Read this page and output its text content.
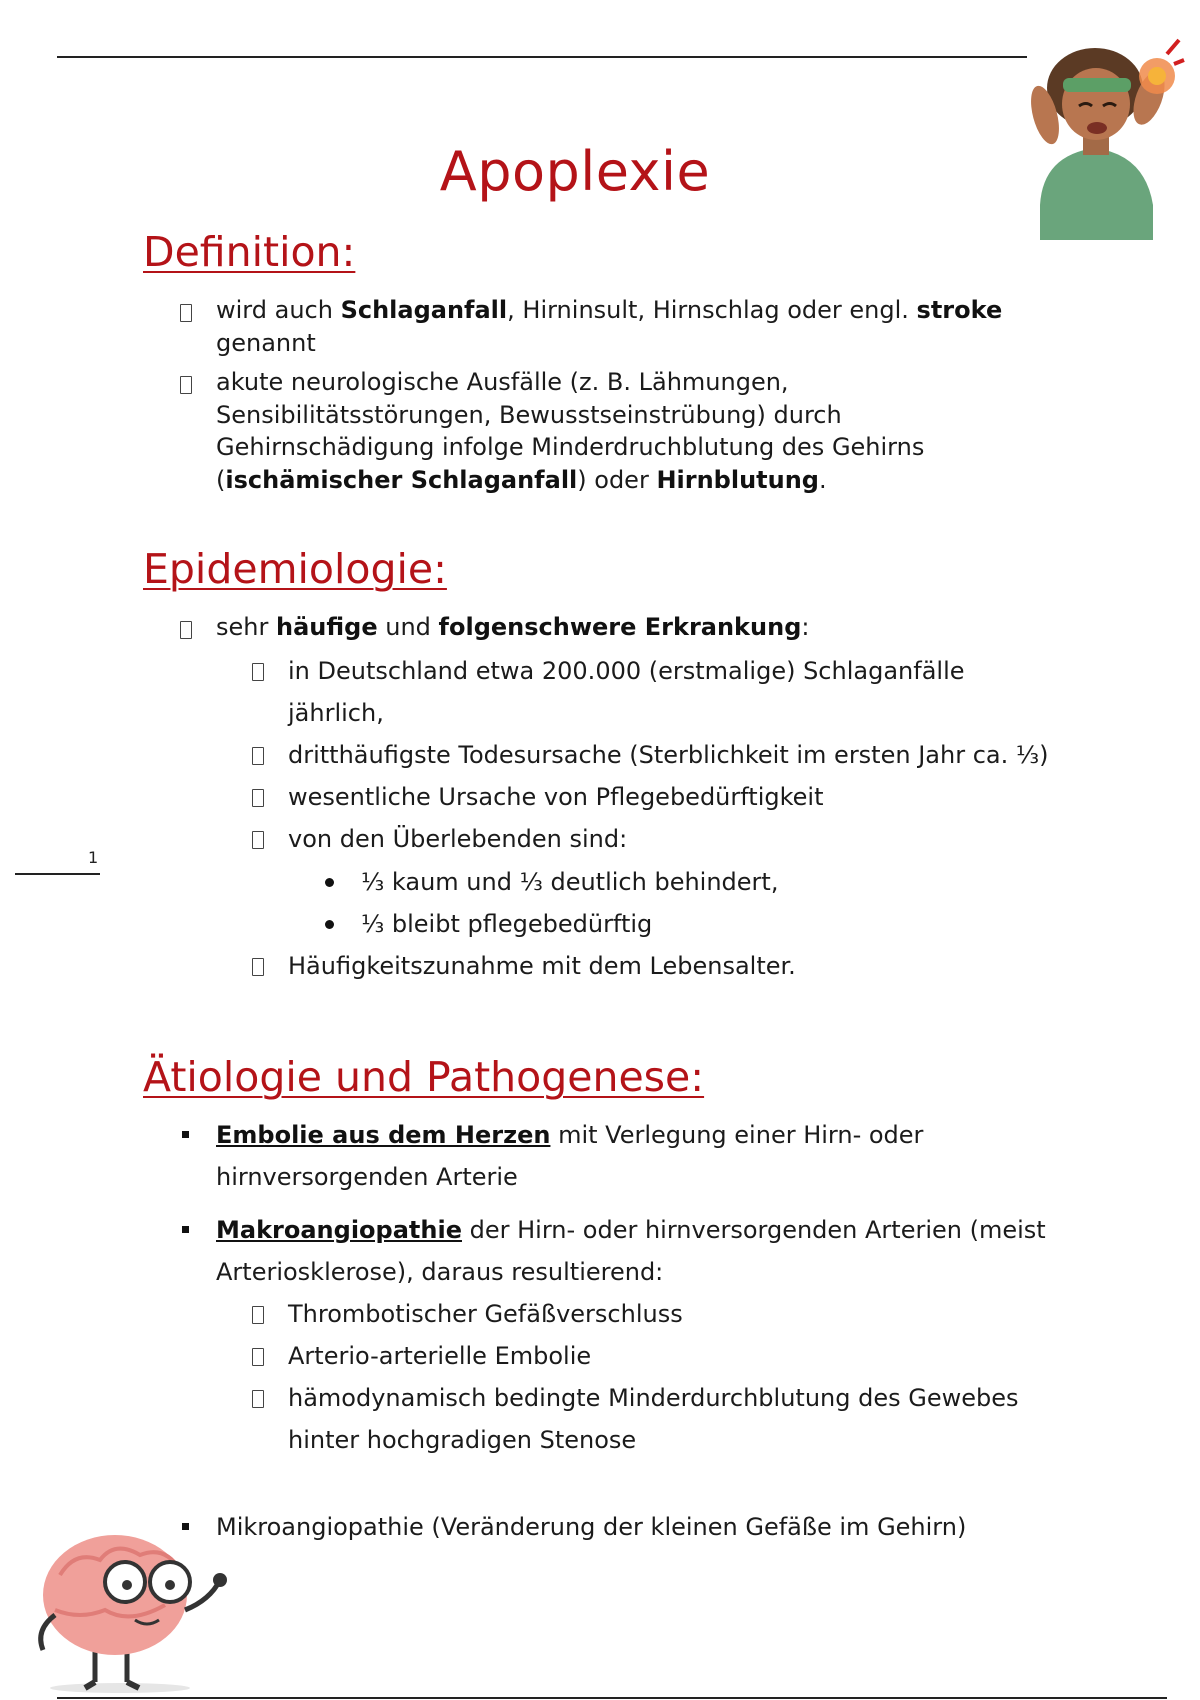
1
Apoplexie
Definition:
wird auch Schlaganfall, Hirninsult, Hirnschlag oder engl. stroke genannt
akute neurologische Ausfälle (z. B. Lähmungen, Sensibilitätsstörungen, Bewusstseinstrübung) durch Gehirnschädigung infolge Minderdruchblutung des Gehirns (ischämischer Schlaganfall) oder Hirnblutung.
Epidemiologie:
sehr häufige und folgenschwere Erkrankung:
in Deutschland etwa 200.000 (erstmalige) Schlaganfälle jährlich,
dritthäufigste Todesursache (Sterblichkeit im ersten Jahr ca. ⅓)
wesentliche Ursache von Pflegebedürftigkeit
von den Überlebenden sind:
⅓ kaum und ⅓ deutlich behindert,
⅓ bleibt pflegebedürftig
Häufigkeitszunahme mit dem Lebensalter.
Ätiologie und Pathogenese:
Embolie aus dem Herzen mit Verlegung einer Hirn- oder hirnversorgenden Arterie
Makroangiopathie der Hirn- oder hirnversorgenden Arterien (meist Arteriosklerose), daraus resultierend:
Thrombotischer Gefäßverschluss
Arterio-arterielle Embolie
hämodynamisch bedingte Minderdurchblutung des Gewebes hinter hochgradigen Stenose
Mikroangiopathie (Veränderung der kleinen Gefäße im Gehirn)
